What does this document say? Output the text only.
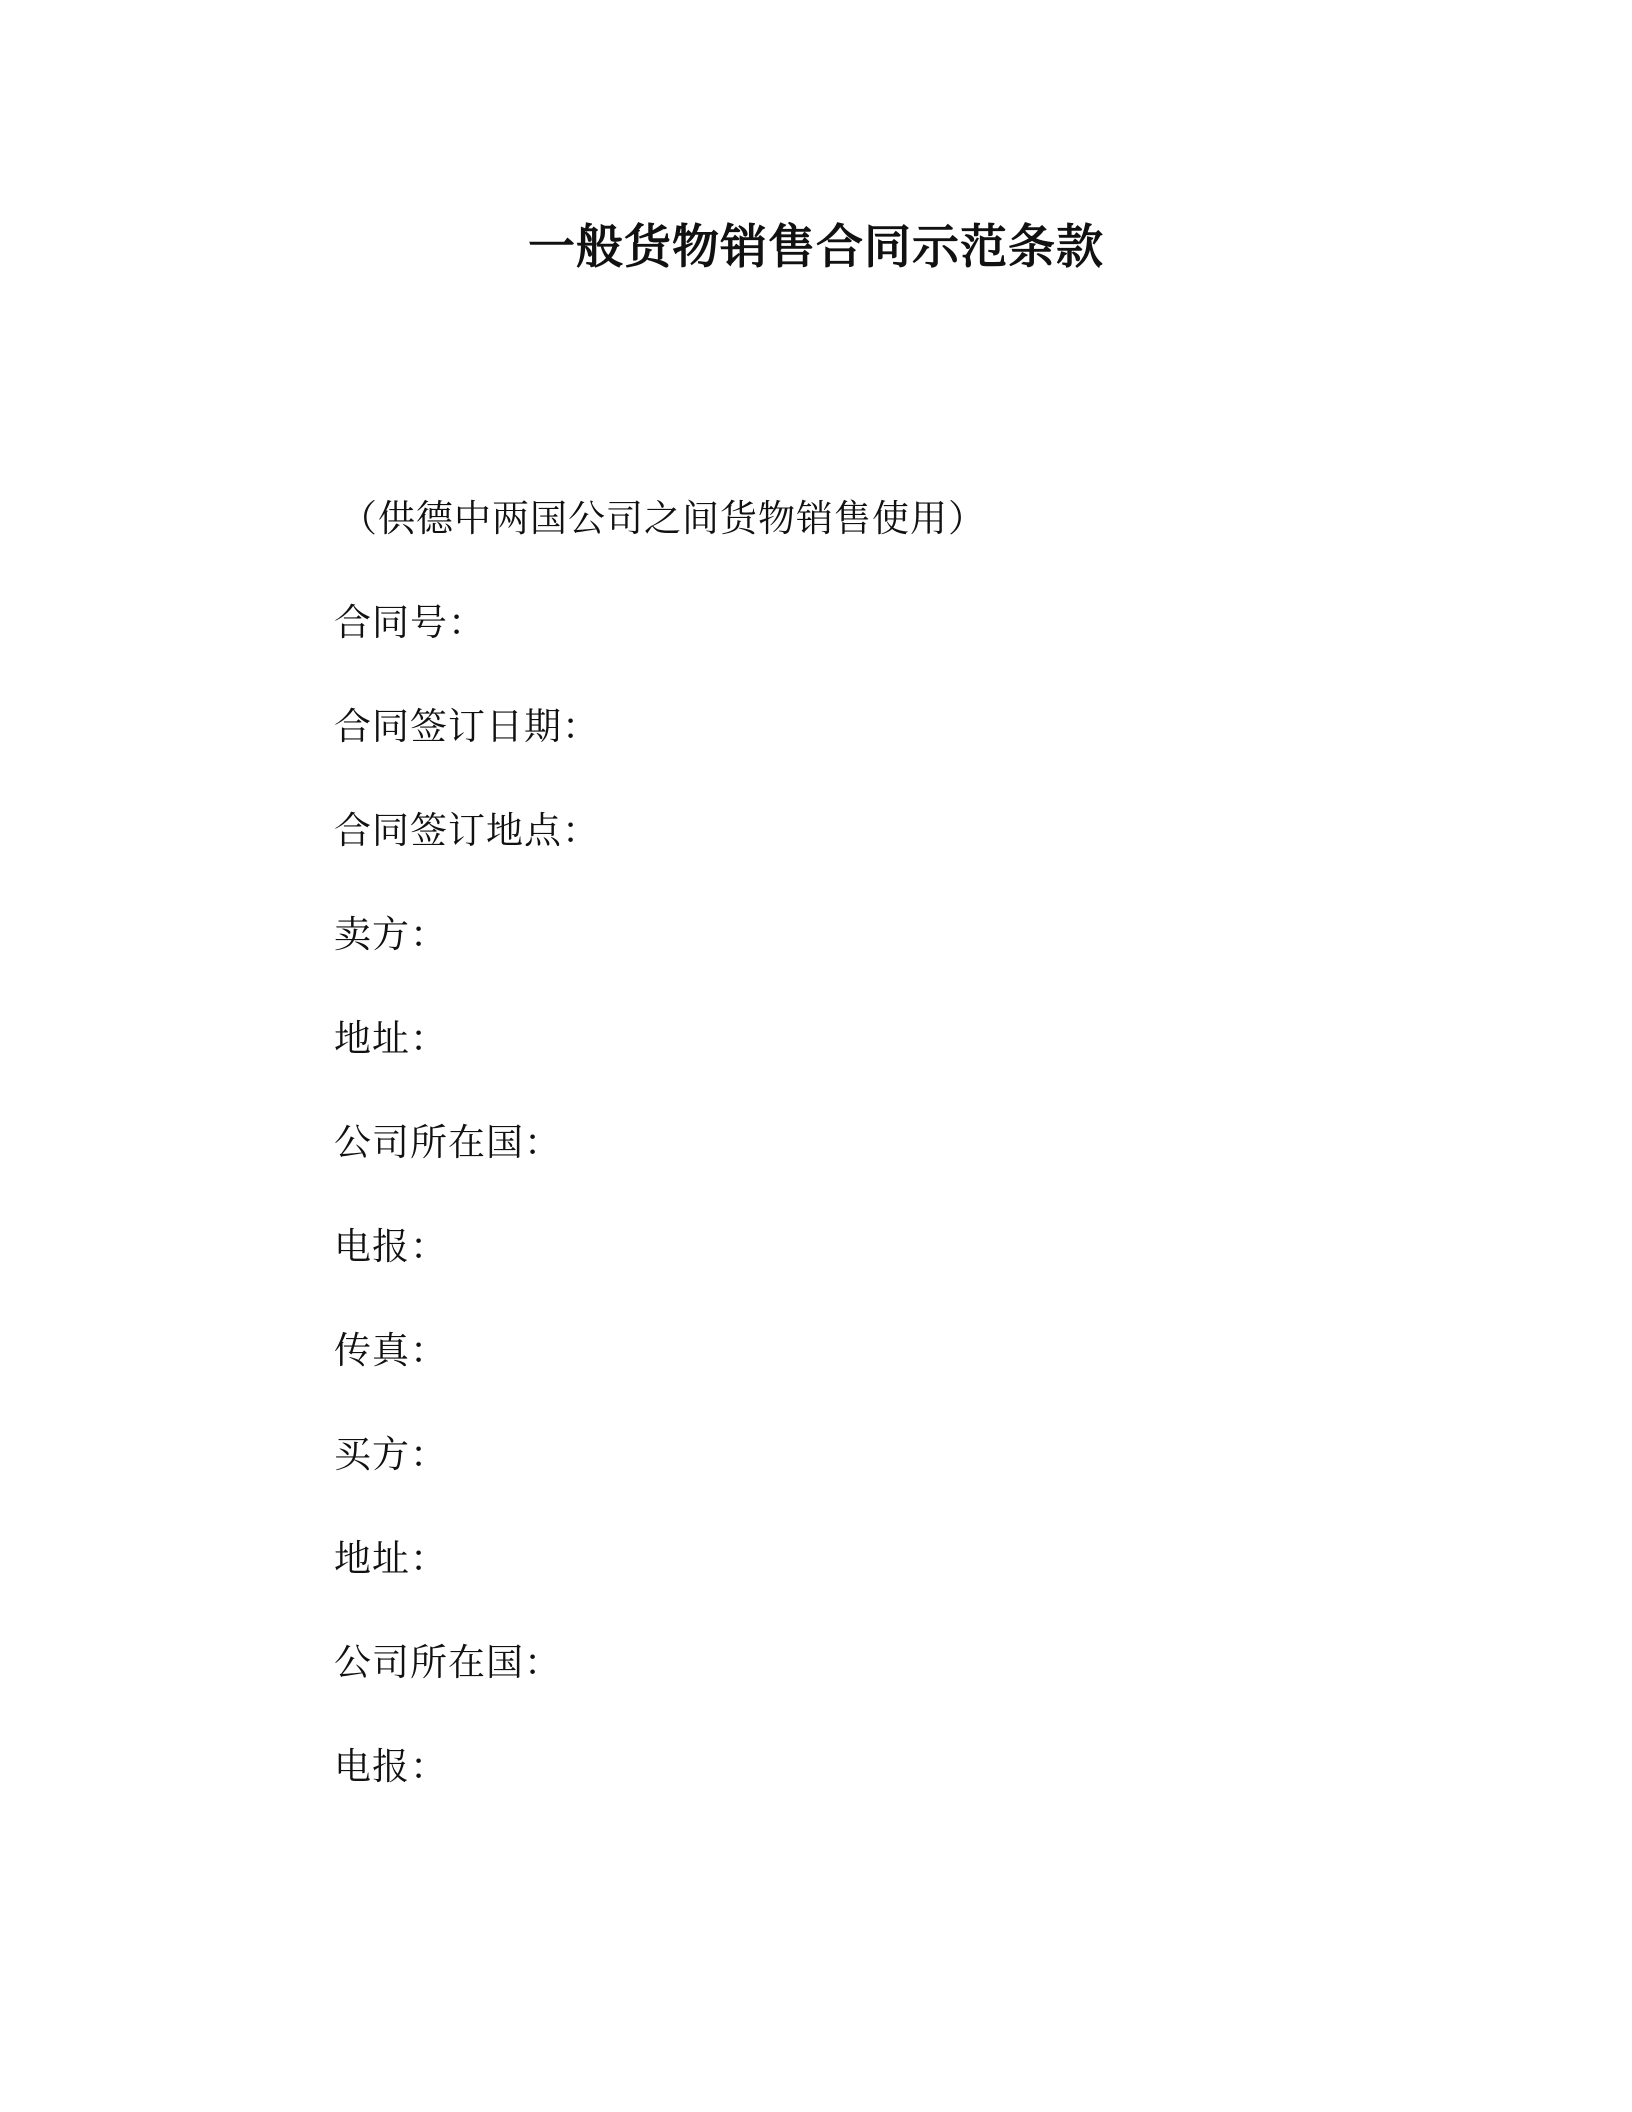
一般货物销售合同示范条款

（供德中两国公司之间货物销售使用）

合同号：
合同签订日期：
合同签订地点：
卖方：
地址：
公司所在国：
电报：
传真：
买方：
地址：
公司所在国：
电报：
